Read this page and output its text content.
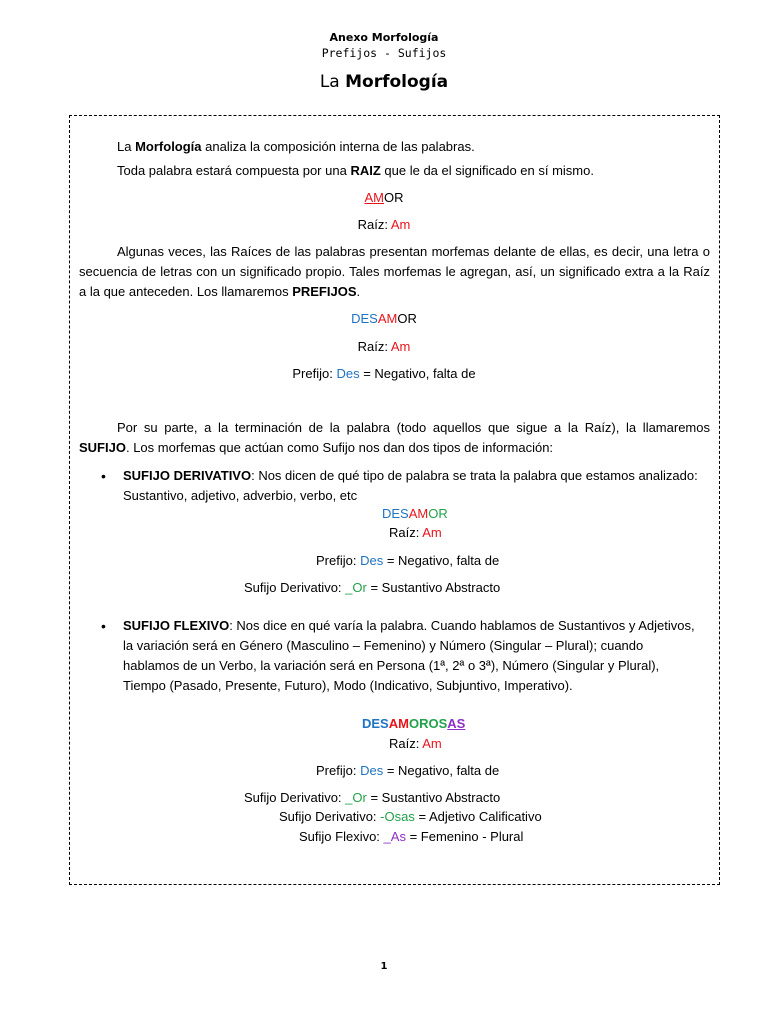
Anexo Morfología
Prefijos - Sufijos
La Morfología
La Morfología analiza la composición interna de las palabras.
Toda palabra estará compuesta por una RAIZ que le da el significado en sí mismo.
AMOR
Raíz: Am
Algunas veces, las Raíces de las palabras presentan morfemas delante de ellas, es decir, una letra o secuencia de letras con un significado propio. Tales morfemas le agregan, así, un significado extra a la Raíz a la que anteceden. Los llamaremos PREFIJOS.
DESAMOR
Raíz: Am
Prefijo: Des = Negativo, falta de
Por su parte, a la terminación de la palabra (todo aquellos que sigue a la Raíz), la llamaremos SUFIJO. Los morfemas que actúan como Sufijo nos dan dos tipos de información:
• SUFIJO DERIVATIVO: Nos dicen de qué tipo de palabra se trata la palabra que estamos analizado: Sustantivo, adjetivo, adverbio, verbo, etc
DESAMOR
Raíz: Am
Prefijo: Des = Negativo, falta de
Sufijo Derivativo: _Or = Sustantivo Abstracto
• SUFIJO FLEXIVO: Nos dice en qué varía la palabra. Cuando hablamos de Sustantivos y Adjetivos, la variación será en Género (Masculino – Femenino) y Número (Singular – Plural); cuando hablamos de un Verbo, la variación será en Persona (1ª, 2ª o 3ª), Número (Singular y Plural), Tiempo (Pasado, Presente, Futuro), Modo (Indicativo, Subjuntivo, Imperativo).
DESAMOROSAS
Raíz: Am
Prefijo: Des = Negativo, falta de
Sufijo Derivativo: _Or = Sustantivo Abstracto
Sufijo Derivativo: -Osas = Adjetivo Calificativo
Sufijo Flexivo: _As = Femenino - Plural
1
